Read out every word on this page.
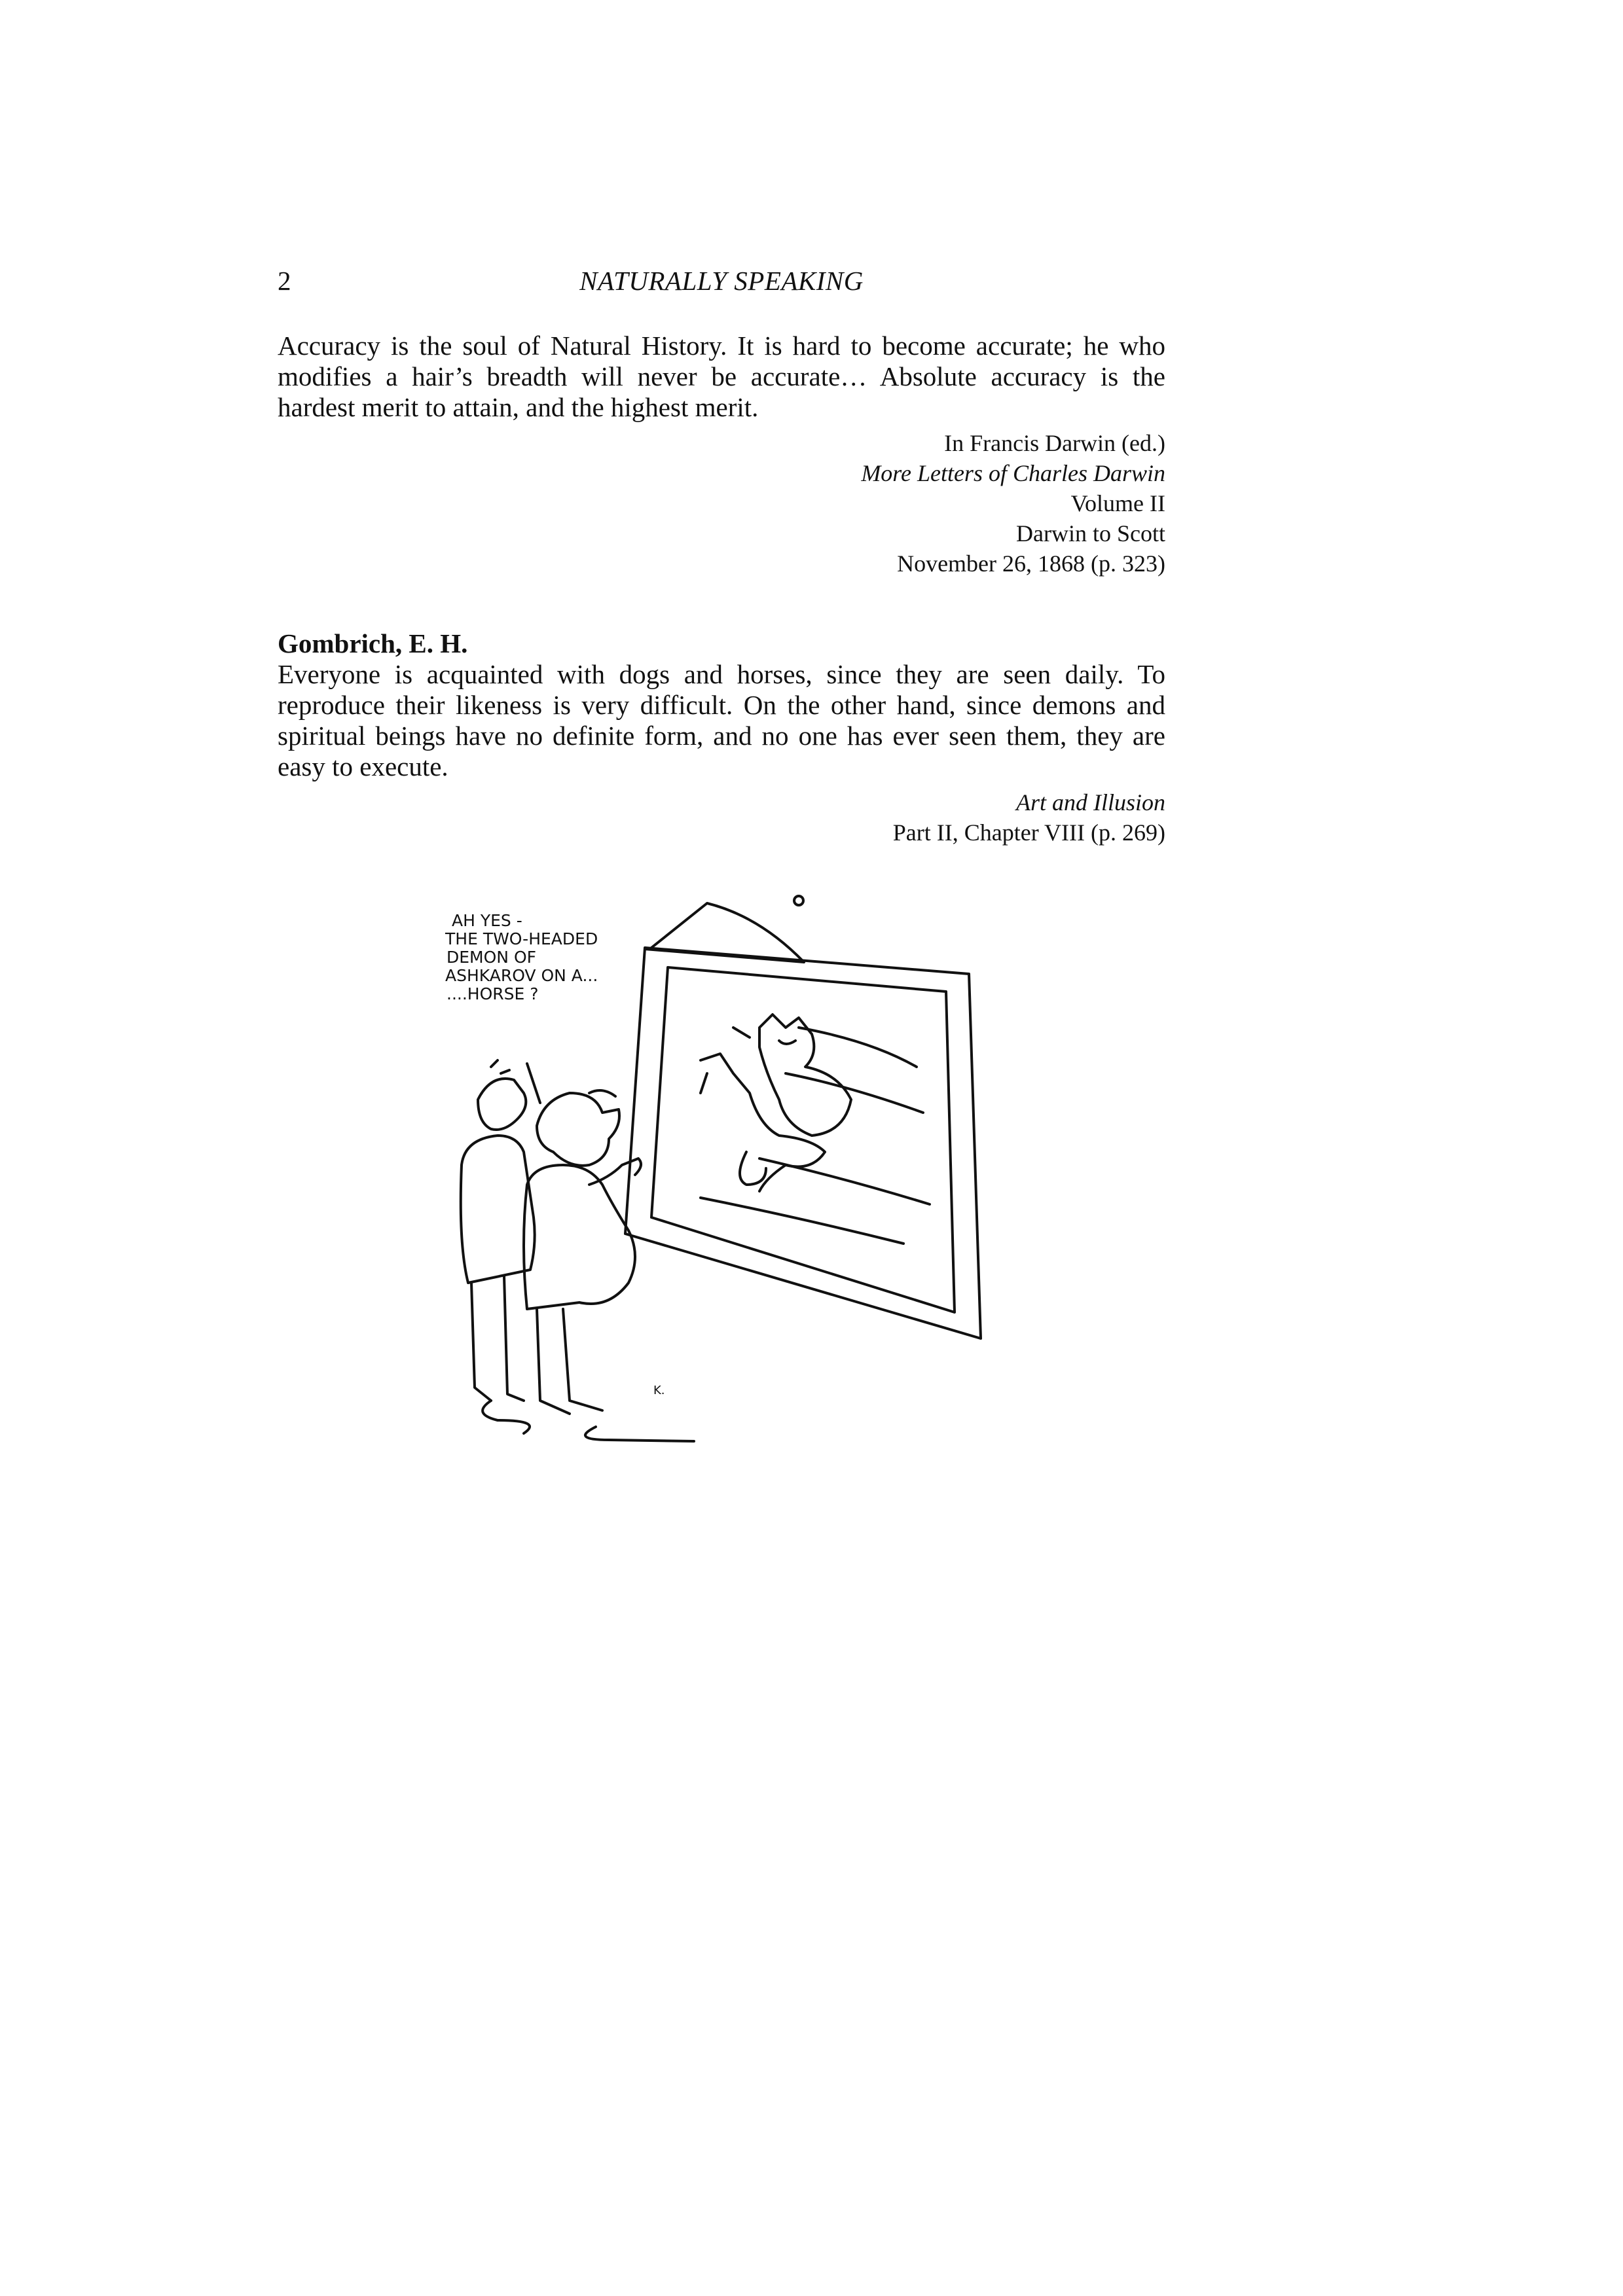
2	NATURALLY SPEAKING

Accuracy is the soul of Natural History. It is hard to become accurate; he who modifies a hair’s breadth will never be accurate… Absolute accuracy is the hardest merit to attain, and the highest merit.

In Francis Darwin (ed.)
More Letters of Charles Darwin
Volume II
Darwin to Scott
November 26, 1868 (p. 323)

Gombrich, E. H.

Everyone is acquainted with dogs and horses, since they are seen daily. To reproduce their likeness is very difficult. On the other hand, since demons and spiritual beings have no definite form, and no one has ever seen them, they are easy to execute.

Art and Illusion
Part II, Chapter VIII (p. 269)
AH YES -
THE TWO-HEADED
DEMON OF
ASHKAROV ON A...
....HORSE ?
K.
